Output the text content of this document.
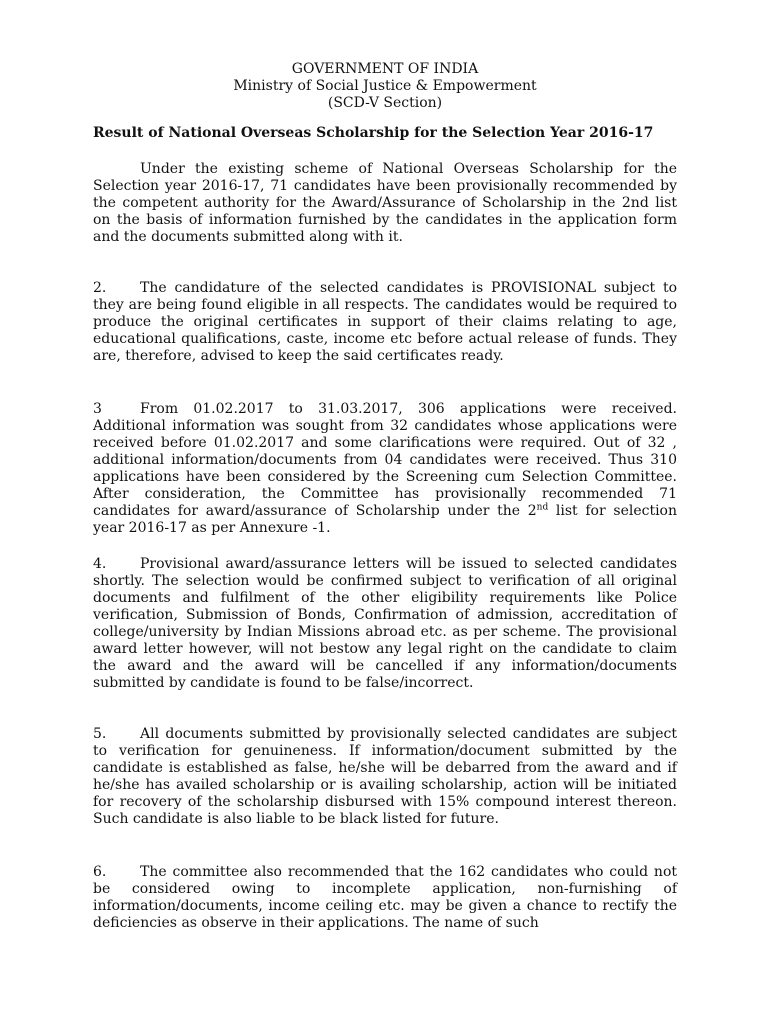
GOVERNMENT OF INDIA
Ministry of Social Justice & Empowerment
(SCD-V Section)
Result of National Overseas Scholarship for the Selection Year 2016-17
Under the existing scheme of National Overseas Scholarship for the Selection year 2016-17, 71 candidates have been provisionally recommended by the competent authority for the Award/Assurance of Scholarship in the 2nd list on the basis of information furnished by the candidates in the application form and the documents submitted along with it.
2. The candidature of the selected candidates is PROVISIONAL subject to they are being found eligible in all respects. The candidates would be required to produce the original certificates in support of their claims relating to age, educational qualifications, caste, income etc before actual release of funds. They are, therefore, advised to keep the said certificates ready.
3	From 01.02.2017 to 31.03.2017, 306 applications were received. Additional information was sought from 32 candidates whose applications were received before 01.02.2017 and some clarifications were required. Out of 32 , additional information/documents from 04 candidates were received. Thus 310 applications have been considered by the Screening cum Selection Committee. After consideration, the Committee has provisionally recommended 71 candidates for award/assurance of Scholarship under the 2nd list for selection year 2016-17 as per Annexure -1.
4. Provisional award/assurance letters will be issued to selected candidates shortly. The selection would be confirmed subject to verification of all original documents and fulfilment of the other eligibility requirements like Police verification, Submission of Bonds, Confirmation of admission, accreditation of college/university by Indian Missions abroad etc. as per scheme. The provisional award letter however, will not bestow any legal right on the candidate to claim the award and the award will be cancelled if any information/documents submitted by candidate is found to be false/incorrect.
5. All documents submitted by provisionally selected candidates are subject to verification for genuineness. If information/document submitted by the candidate is established as false, he/she will be debarred from the award and if he/she has availed scholarship or is availing scholarship, action will be initiated for recovery of the scholarship disbursed with 15% compound interest thereon. Such candidate is also liable to be black listed for future.
6. The committee also recommended that the 162 candidates who could not be considered owing to incomplete application, non-furnishing of information/documents, income ceiling etc. may be given a chance to rectify the deficiencies as observe in their applications. The name of such
